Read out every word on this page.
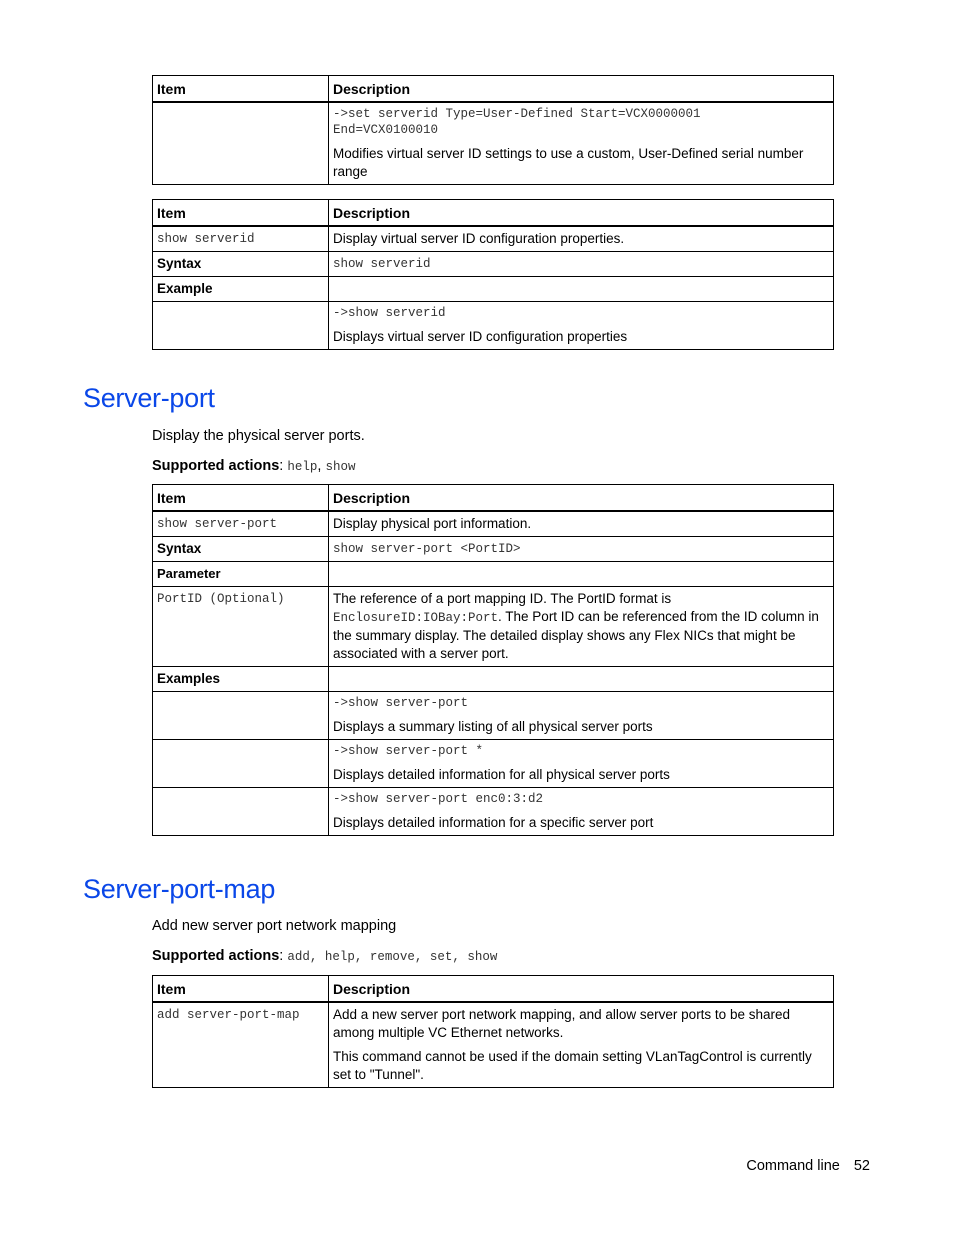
Item	Description

	->set serverid Type=User-Defined Start=VCX0000001
End=VCX0100010
Modifies virtual server ID settings to use a custom, User-Defined serial number range
Item	Description
show serverid	Display virtual server ID configuration properties.
Syntax	show serverid
Example	

	->show serverid
Displays virtual server ID configuration properties
Server-port

Display the physical server ports.

Supported actions: help, show

Item	Description
show server-port	Display physical port information.
Syntax	show server-port <PortID>
Parameter	
PortID (Optional)	The reference of a port mapping ID. The PortID format is EnclosureID:IOBay:Port. The Port ID can be referenced from the ID column in the summary display. The detailed display shows any Flex NICs that might be associated with a server port.
Examples	

	->show server-port
Displays a summary listing of all physical server ports

	->show server-port *
Displays detailed information for all physical server ports

	->show server-port enc0:3:d2
Displays detailed information for a specific server port
Server-port-map

Add new server port network mapping

Supported actions: add, help, remove, set, show

Item	Description
add server-port-map	Add a new server port network mapping, and allow server ports to be shared among multiple VC Ethernet networks.
This command cannot be used if the domain setting VLanTagControl is currently set to "Tunnel".
Command line 52
